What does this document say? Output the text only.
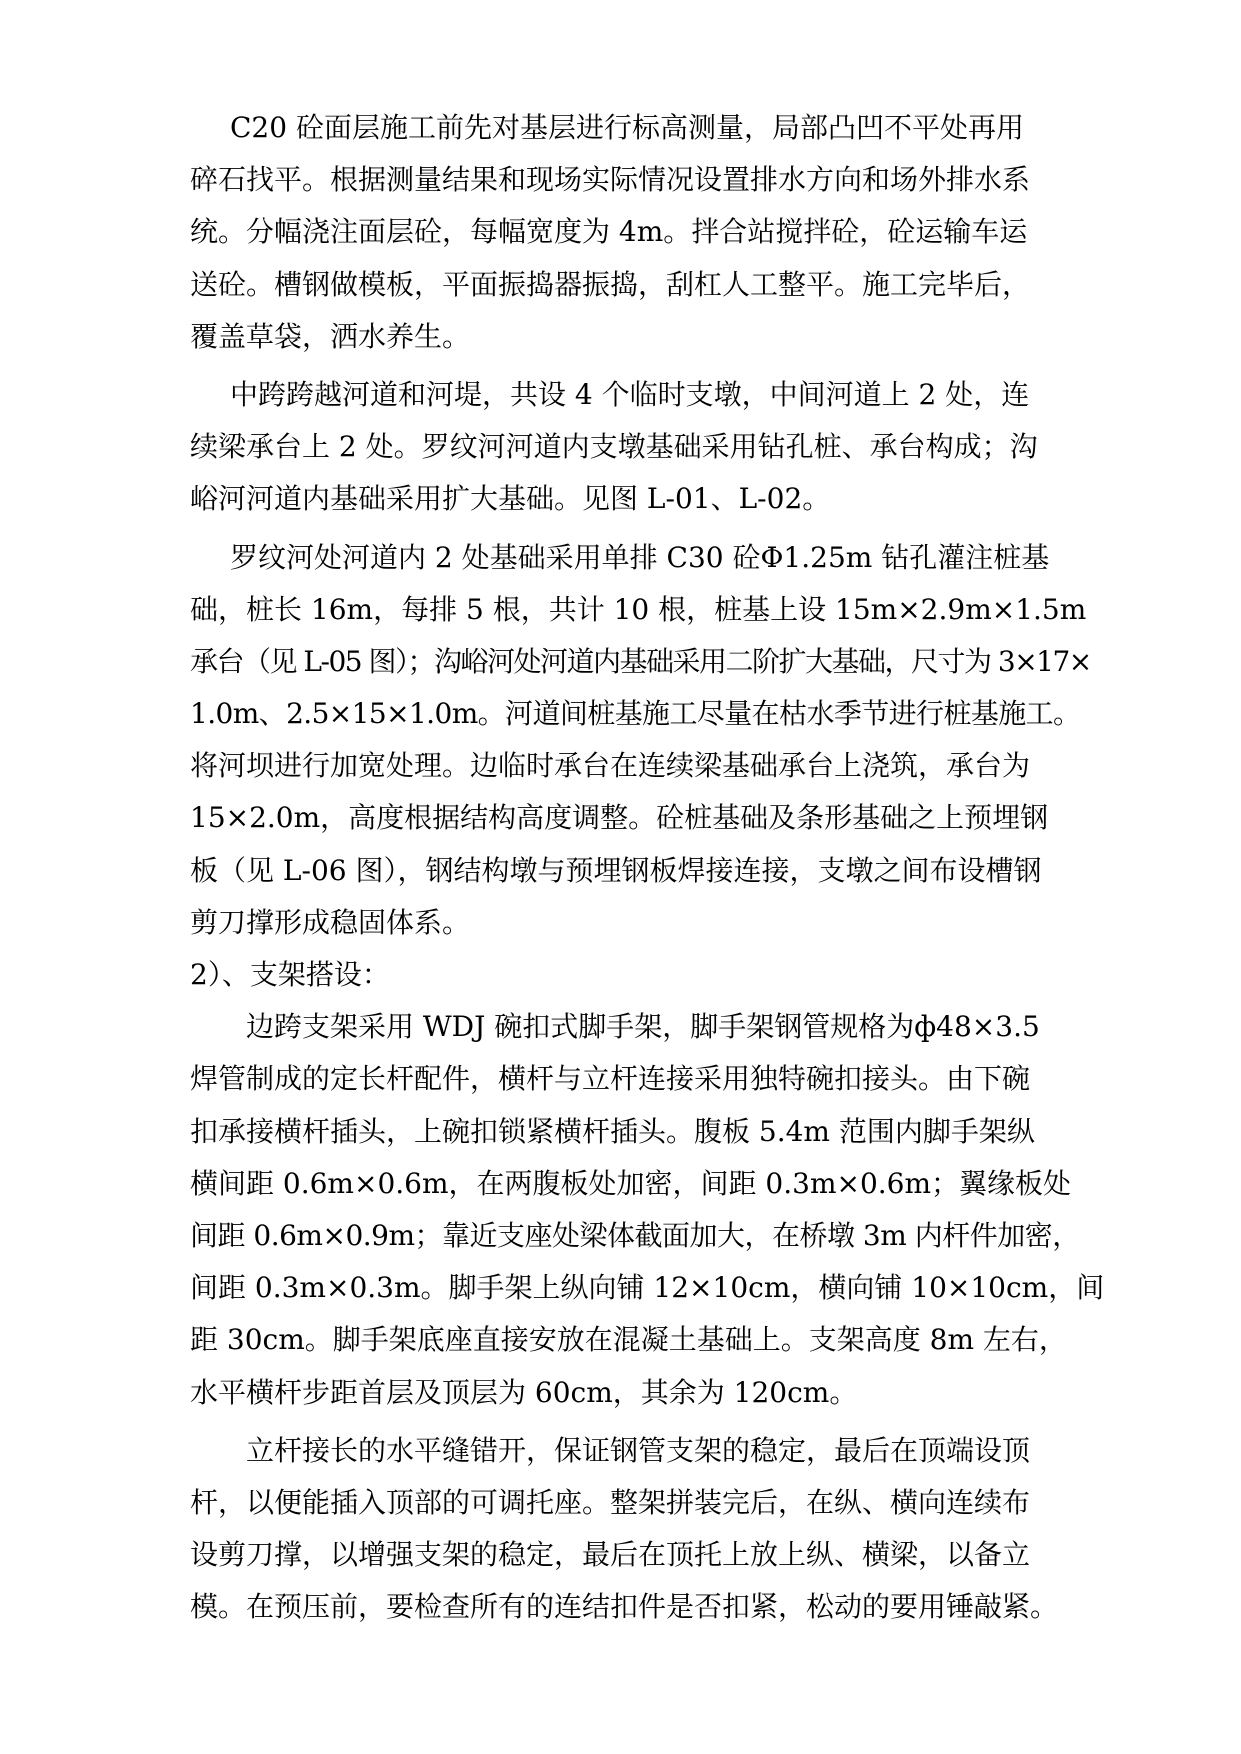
C20 砼面层施工前先对基层进行标高测量，局部凸凹不平处再用
碎石找平。根据测量结果和现场实际情况设置排水方向和场外排水系
统。分幅浇注面层砼，每幅宽度为 4m。拌合站搅拌砼，砼运输车运
送砼。槽钢做模板，平面振捣器振捣，刮杠人工整平。施工完毕后，
覆盖草袋，洒水养生。
中跨跨越河道和河堤，共设 4 个临时支墩，中间河道上 2 处，连
续梁承台上 2 处。罗纹河河道内支墩基础采用钻孔桩、承台构成；沟
峪河河道内基础采用扩大基础。见图 L-01、L-02。
罗纹河处河道内 2 处基础采用单排 C30 砼Φ1.25m 钻孔灌注桩基
础，桩长 16m，每排 5 根，共计 10 根，桩基上设 15m×2.9m×1.5m
承台（见 L-05 图）；沟峪河处河道内基础采用二阶扩大基础，尺寸为 3×17×
1.0m、2.5×15×1.0m。河道间桩基施工尽量在枯水季节进行桩基施工。
将河坝进行加宽处理。边临时承台在连续梁基础承台上浇筑，承台为
15×2.0m，高度根据结构高度调整。砼桩基础及条形基础之上预埋钢
板（见 L-06 图），钢结构墩与预埋钢板焊接连接，支墩之间布设槽钢
剪刀撑形成稳固体系。
2）、支架搭设：
边跨支架采用 WDJ 碗扣式脚手架，脚手架钢管规格为ф48×3.5
焊管制成的定长杆配件，横杆与立杆连接采用独特碗扣接头。由下碗
扣承接横杆插头，上碗扣锁紧横杆插头。腹板 5.4m 范围内脚手架纵
横间距 0.6m×0.6m，在两腹板处加密，间距 0.3m×0.6m；翼缘板处
间距 0.6m×0.9m；靠近支座处梁体截面加大，在桥墩 3m 内杆件加密，
间距 0.3m×0.3m。脚手架上纵向铺 12×10cm，横向铺 10×10cm，间
距 30cm。脚手架底座直接安放在混凝土基础上。支架高度 8m 左右，
水平横杆步距首层及顶层为 60cm，其余为 120cm。
立杆接长的水平缝错开，保证钢管支架的稳定，最后在顶端设顶
杆，以便能插入顶部的可调托座。整架拼装完后，在纵、横向连续布
设剪刀撑，以增强支架的稳定，最后在顶托上放上纵、横梁，以备立
模。在预压前，要检查所有的连结扣件是否扣紧，松动的要用锤敲紧。
